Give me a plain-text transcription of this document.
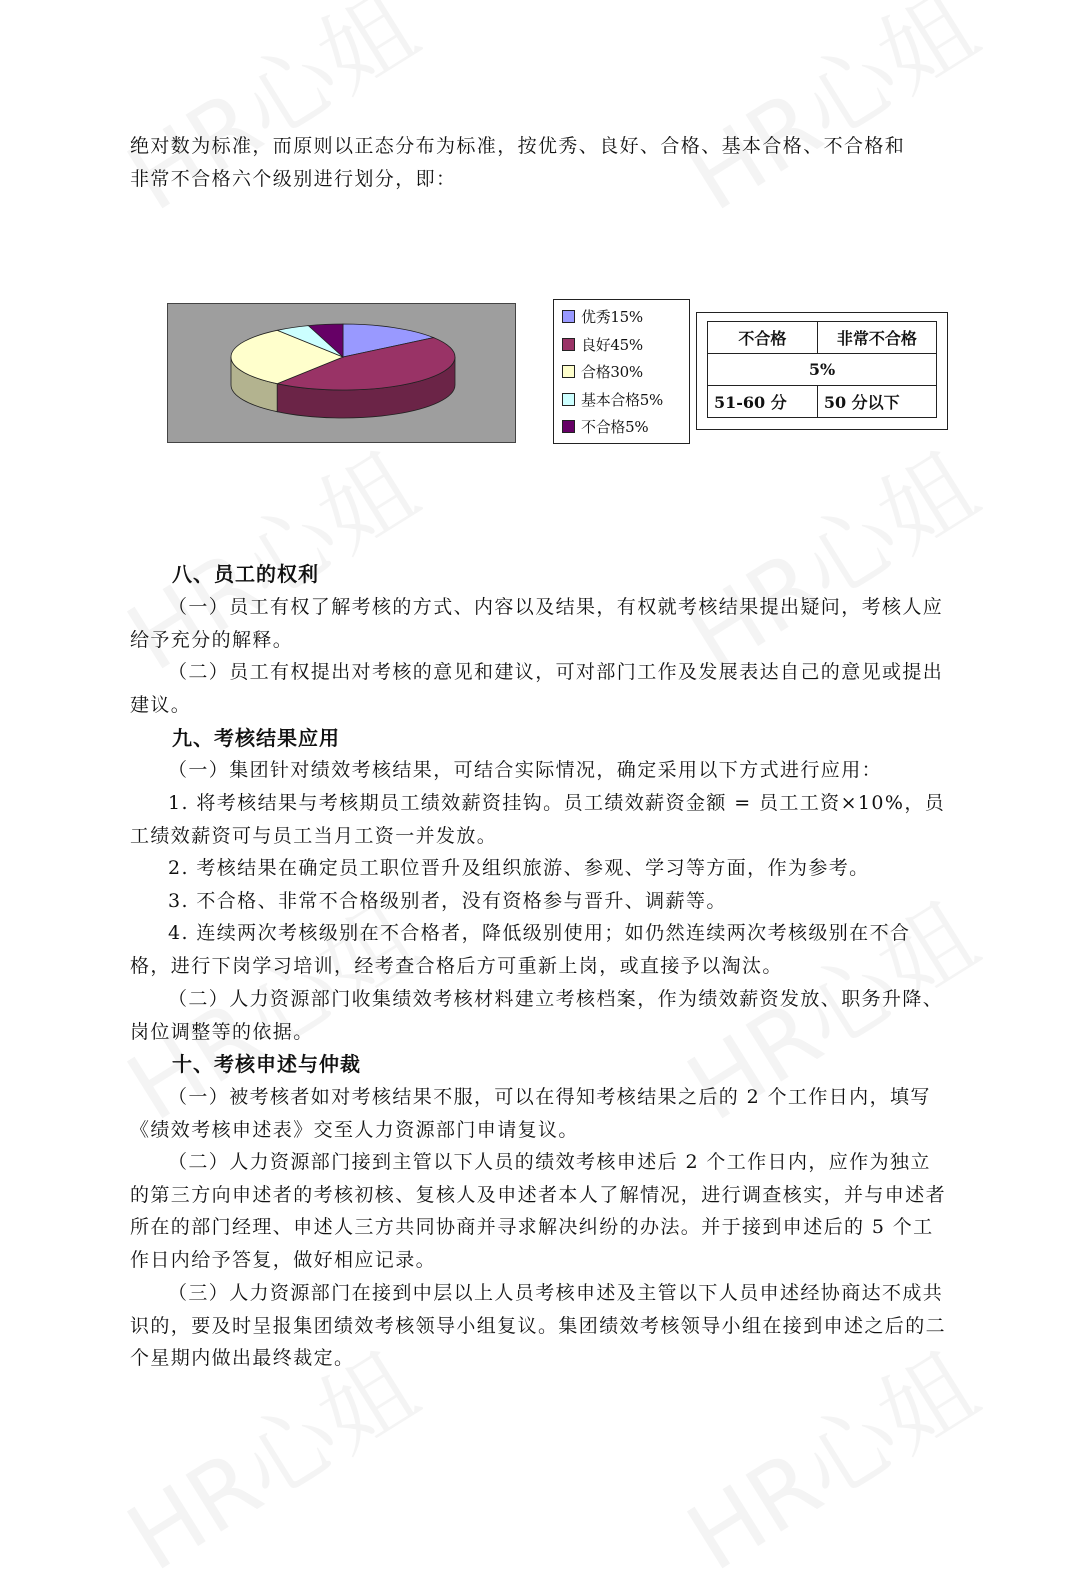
绝对数为标准，而原则以正态分布为标准，按优秀、良好、合格、基本合格、不合格和

非常不合格六个级别进行划分，即：

优秀15%
良好45%
合格30%
基本合格5%
不合格5%
不合格	非常不合格
5%	
51-60 分	50 分以下

八、员工的权利

（一）员工有权了解考核的方式、内容以及结果，有权就考核结果提出疑问，考核人应给予充分的解释。

（二）员工有权提出对考核的意见和建议，可对部门工作及发展表达自己的意见或提出建议。

九、考核结果应用

（一）集团针对绩效考核结果，可结合实际情况，确定采用以下方式进行应用：

1. 将考核结果与考核期员工绩效薪资挂钩。员工绩效薪资金额 = 员工工资×10%，员工绩效薪资可与员工当月工资一并发放。

2. 考核结果在确定员工职位晋升及组织旅游、参观、学习等方面，作为参考。

3. 不合格、非常不合格级别者，没有资格参与晋升、调薪等。

4. 连续两次考核级别在不合格者，降低级别使用；如仍然连续两次考核级别在不合格，进行下岗学习培训，经考查合格后方可重新上岗，或直接予以淘汰。

（二）人力资源部门收集绩效考核材料建立考核档案，作为绩效薪资发放、职务升降、岗位调整等的依据。

十、考核申述与仲裁

（一）被考核者如对考核结果不服，可以在得知考核结果之后的 2 个工作日内，填写《绩效考核申述表》交至人力资源部门申请复议。

（二）人力资源部门接到主管以下人员的绩效考核申述后 2 个工作日内，应作为独立的第三方向申述者的考核初核、复核人及申述者本人了解情况，进行调查核实，并与申述者所在的部门经理、申述人三方共同协商并寻求解决纠纷的办法。并于接到申述后的 5 个工作日内给予答复，做好相应记录。

（三）人力资源部门在接到中层以上人员考核申述及主管以下人员申述经协商达不成共识的，要及时呈报集团绩效考核领导小组复议。集团绩效考核领导小组在接到申述之后的二个星期内做出最终裁定。
